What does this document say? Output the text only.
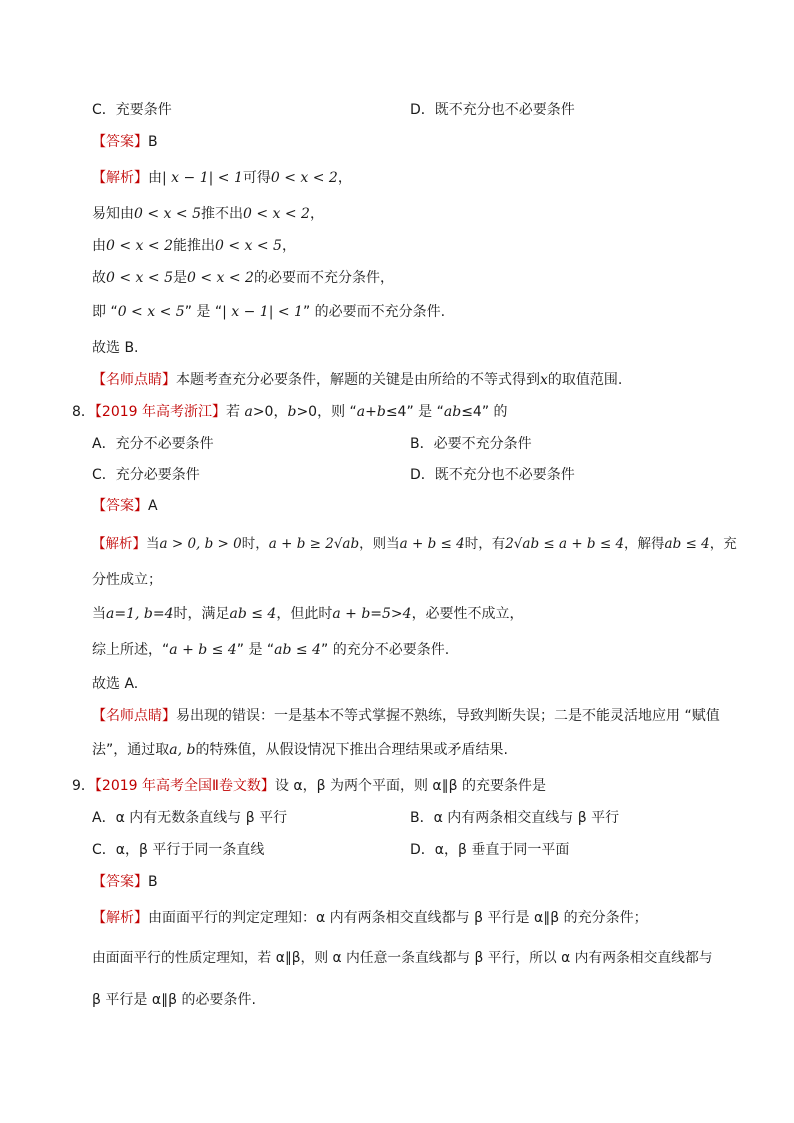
C．充要条件	D．既不充分也不必要条件
【答案】B
【解析】由| x − 1| < 1可得0 < x < 2，
易知由0 < x < 5推不出0 < x < 2，
由0 < x < 2能推出0 < x < 5，
故0 < x < 5是0 < x < 2的必要而不充分条件，
即 “0 < x < 5” 是 “| x − 1| < 1” 的必要而不充分条件.
故选 B.
【名师点睛】本题考查充分必要条件，解题的关键是由所给的不等式得到x的取值范围.
8．【2019 年高考浙江】若 a>0，b>0，则 “a+b≤4” 是 “ab≤4” 的
A．充分不必要条件	B．必要不充分条件
C．充分必要条件	D．既不充分也不必要条件
【答案】A
【解析】当a > 0, b > 0时，a + b ≥ 2√ab，则当a + b ≤ 4时，有2√ab ≤ a + b ≤ 4，解得ab ≤ 4，充
分性成立；
当a=1, b=4时，满足ab ≤ 4，但此时a + b=5>4，必要性不成立，
综上所述，“a + b ≤ 4” 是 “ab ≤ 4” 的充分不必要条件.
故选 A.
【名师点睛】易出现的错误：一是基本不等式掌握不熟练，导致判断失误；二是不能灵活地应用 “赋值
法”，通过取a, b的特殊值，从假设情况下推出合理结果或矛盾结果.
9．【2019 年高考全国Ⅱ卷文数】设 α，β 为两个平面，则 α∥β 的充要条件是
A．α 内有无数条直线与 β 平行	B．α 内有两条相交直线与 β 平行
C．α，β 平行于同一条直线	D．α，β 垂直于同一平面
【答案】B
【解析】由面面平行的判定定理知：α 内有两条相交直线都与 β 平行是 α∥β 的充分条件；
由面面平行的性质定理知，若 α∥β，则 α 内任意一条直线都与 β 平行，所以 α 内有两条相交直线都与
β 平行是 α∥β 的必要条件.
